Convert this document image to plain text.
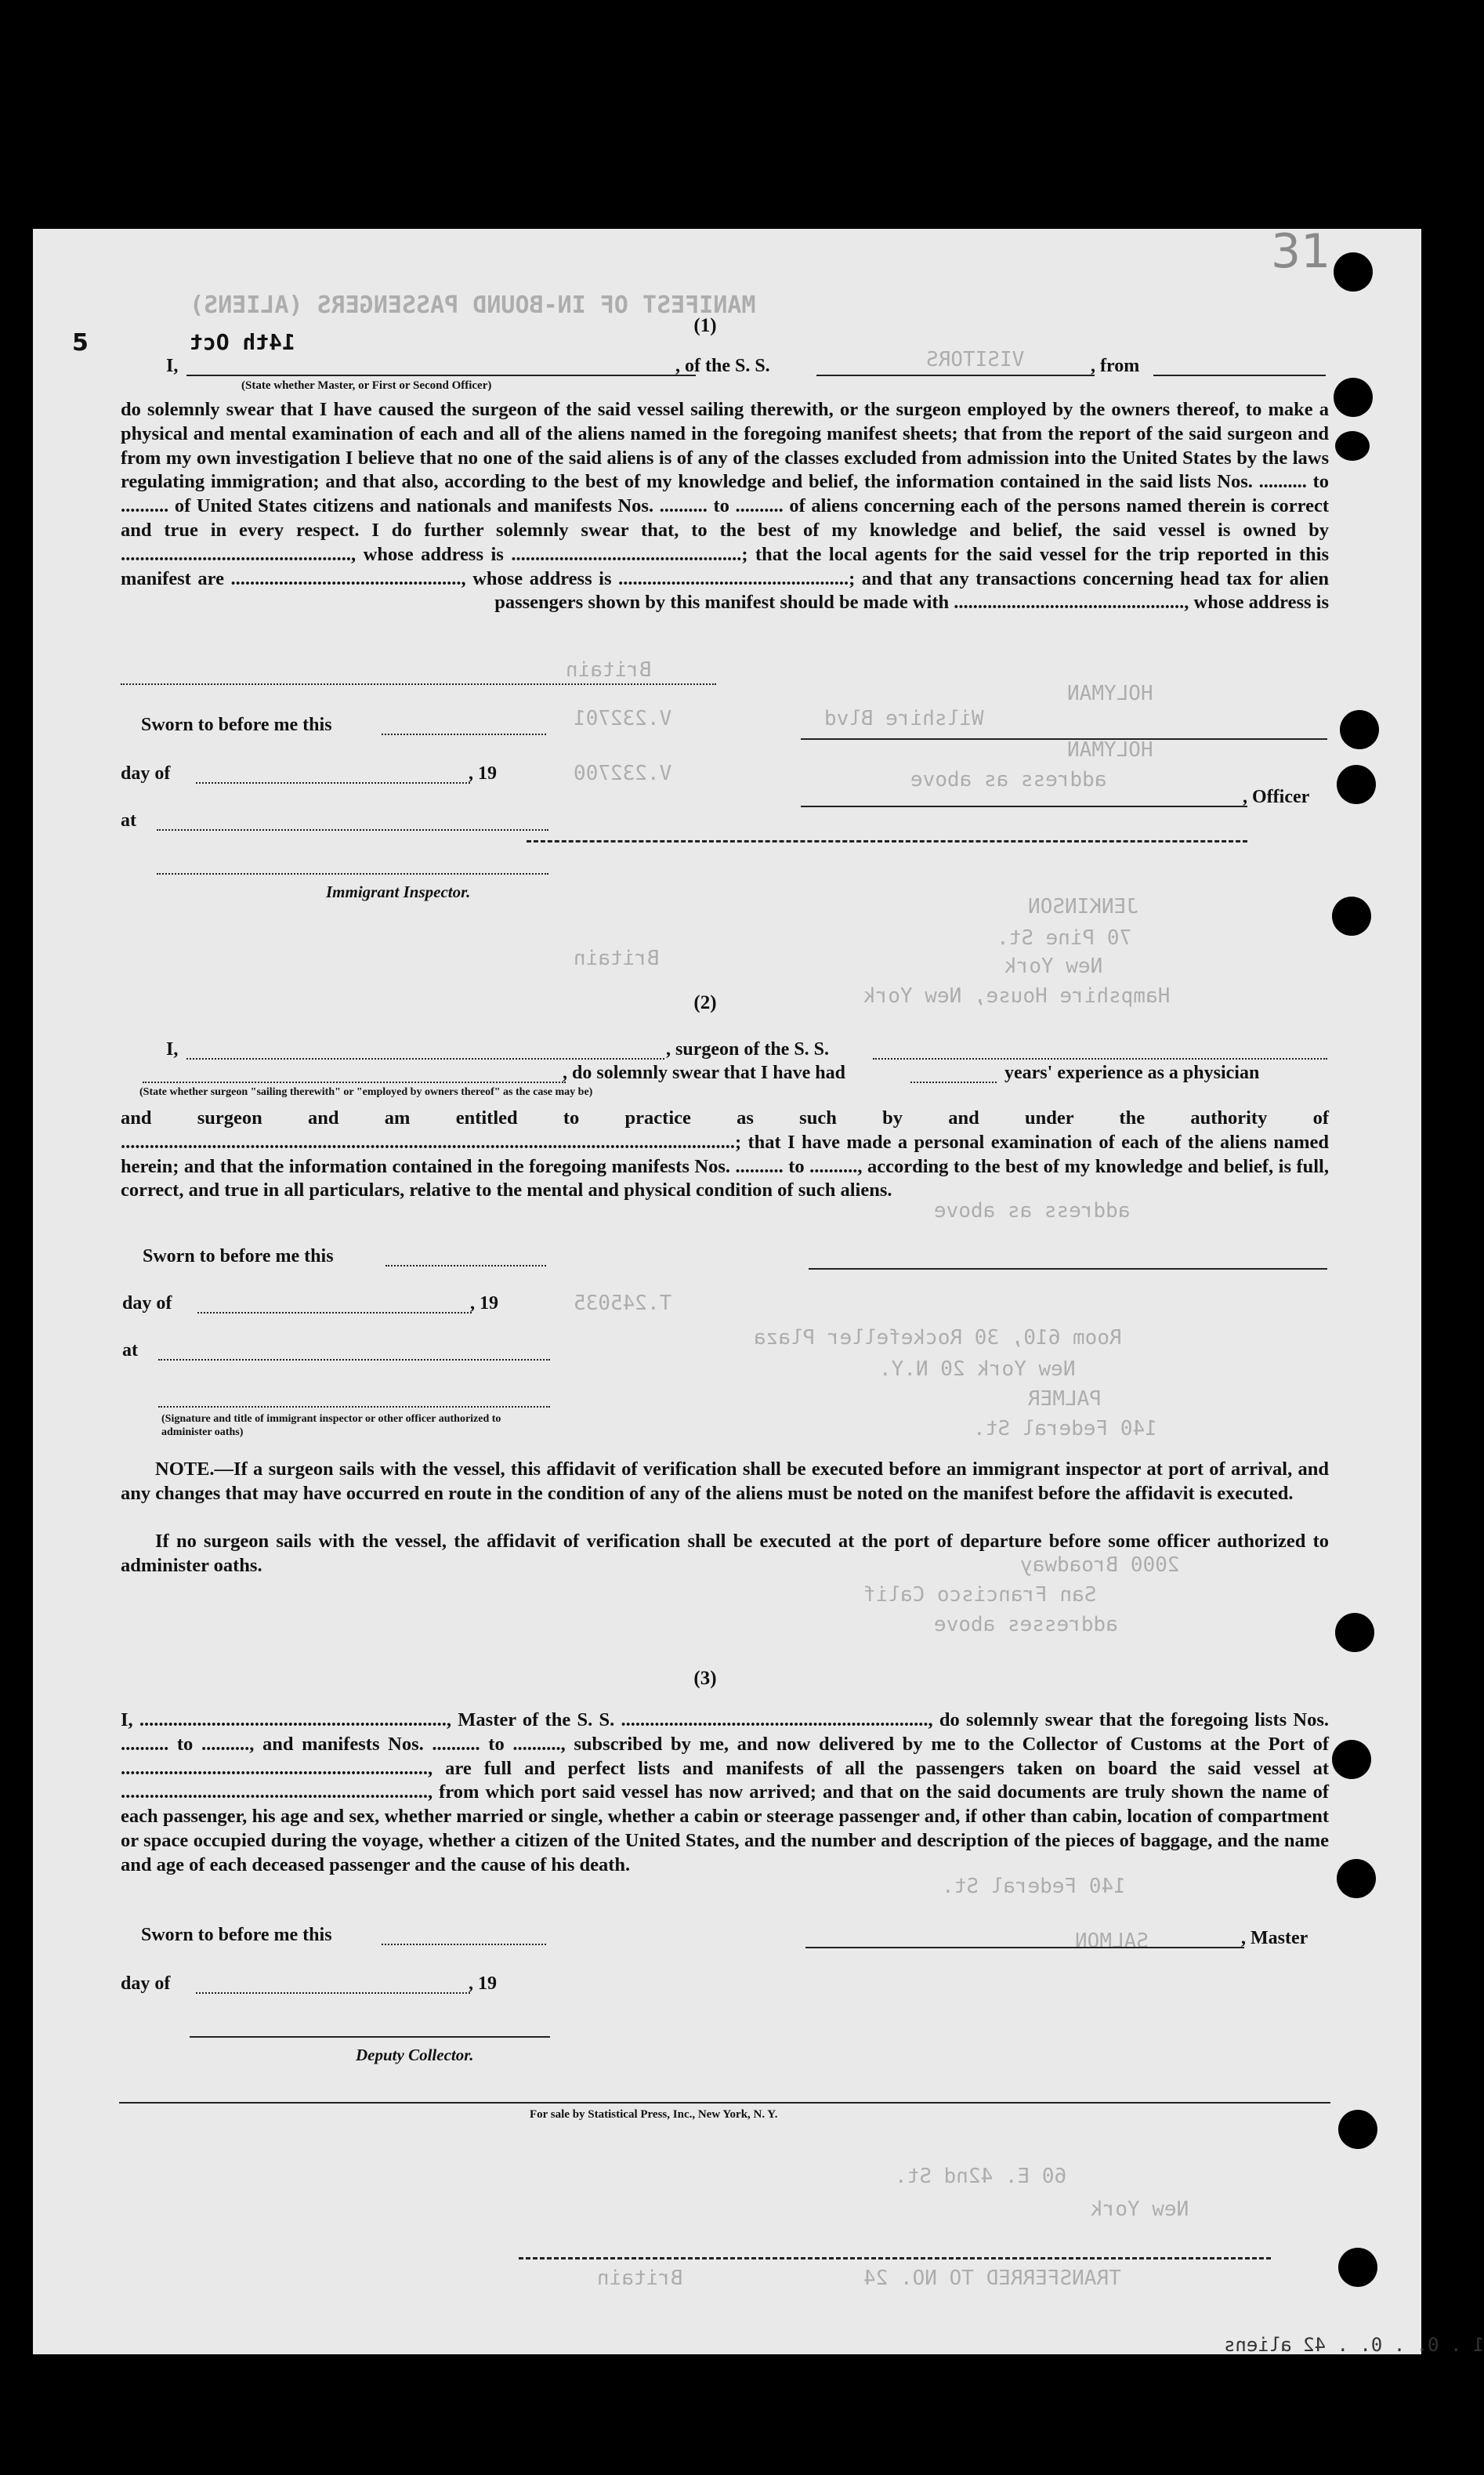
MANIFEST OF IN-BOUND PASSENGERS (ALIENS)
VISITORS
HOLYMAN
Wilshire Blvd
HOLYMAN
address as above
Britain
V.232701
V.232700
JENKINSON
70 Pine St.
New York
Hampshire House, New York
address as above
Britain
T.245035
Room 610, 30 Rockefeller Plaza
New York 20 N.Y.
PALMER
140 Federal St.
2000 Broadway
San Francisco Calif
addresses above
140 Federal St.
SALMON
60 E. 42nd St.
New York
TRANSFERRED TO NO. 24
Britain
31
5	14th Oct
(1)
I,	, of the S. S.	, from
(State whether Master, or First or Second Officer)
do solemnly swear that I have caused the surgeon of the said vessel sailing therewith, or the surgeon employed by the owners thereof, to make a physical and mental examination of each and all of the aliens named in the foregoing manifest sheets; that from the report of the said surgeon and from my own investigation I believe that no one of the said aliens is of any of the classes excluded from admission into the United States by the laws regulating immigration; and that also, according to the best of my knowledge and belief, the information contained in the said lists Nos. .......... to .......... of United States citizens and nationals and manifests Nos. .......... to .......... of aliens concerning each of the persons named therein is correct and true in every respect. I do further solemnly swear that, to the best of my knowledge and belief, the said vessel is owned by ................................................, whose address is ................................................; that the local agents for the said vessel for the trip reported in this manifest are ................................................, whose address is ................................................; and that any transactions concerning head tax for alien passengers shown by this manifest should be made with ................................................, whose address is
Sworn to before me this
day of	, 19
, Officer
at
Immigrant Inspector.
(2)
I,	, surgeon of the S. S.
, do solemnly swear that I have had	years' experience as a physician
(State whether surgeon "sailing therewith" or "employed by owners thereof" as the case may be)
and surgeon and am entitled to practice as such by and under the authority of ................................................................................................................................; that I have made a personal examination of each of the aliens named herein; and that the information contained in the foregoing manifests Nos. .......... to .........., according to the best of my knowledge and belief, is full, correct, and true in all particulars, relative to the mental and physical condition of such aliens.
Sworn to before me this
day of	, 19
at
(Signature and title of immigrant inspector or other officer authorized to administer oaths)
NOTE.—If a surgeon sails with the vessel, this affidavit of verification shall be executed before an immigrant inspector at port of arrival, and any changes that may have occurred en route in the condition of any of the aliens must be noted on the manifest before the affidavit is executed.
If no surgeon sails with the vessel, the affidavit of verification shall be executed at the port of departure before some officer authorized to administer oaths.
(3)
I, ................................................................, Master of the S. S. ................................................................, do solemnly swear that the foregoing lists Nos. .......... to .........., and manifests Nos. .......... to .........., subscribed by me, and now delivered by me to the Collector of Customs at the Port of ................................................................, are full and perfect lists and manifests of all the passengers taken on board the said vessel at ................................................................, from which port said vessel has now arrived; and that on the said documents are truly shown the name of each passenger, his age and sex, whether married or single, whether a cabin or steerage passenger and, if other than cabin, location of compartment or space occupied during the voyage, whether a citizen of the United States, and the number and description of the pieces of baggage, and the name and age of each deceased passenger and the cause of his death.
Sworn to before me this	, Master
day of	, 19
Deputy Collector.
For sale by Statistical Press, Inc., New York, N. Y.
1 . 0. . 0. . 42 aliens
